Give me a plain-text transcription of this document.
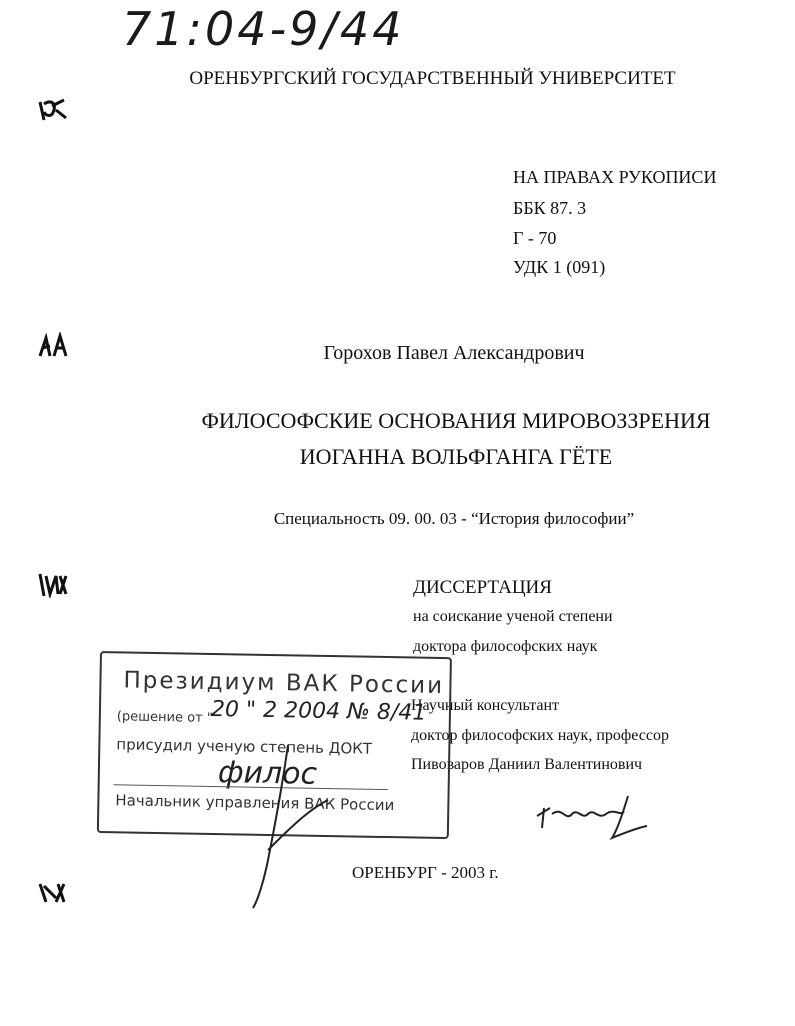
71:04-9/44
ОРЕНБУРГСКИЙ ГОСУДАРСТВЕННЫЙ УНИВЕРСИТЕТ
НА ПРАВАХ РУКОПИСИ
ББК 87. 3
Г - 70
УДК 1 (091)
Горохов Павел Александрович
ФИЛОСОФСКИЕ ОСНОВАНИЯ МИРОВОЗЗРЕНИЯ
ИОГАННА ВОЛЬФГАНГА ГЁТЕ
Специальность 09. 00. 03 - “История философии”
ДИССЕРТАЦИЯ
на соискание ученой степени
доктора философских наук
Научный консультант
доктор философских наук, профессор
Пивоваров Даниил Валентинович
ОРЕНБУРГ - 2003 г.
Президиум ВАК России
(решение от "
20 " 2 2004 № 8/41
присудил ученую степень ДОКТ
филос
Начальник управления ВАК России
